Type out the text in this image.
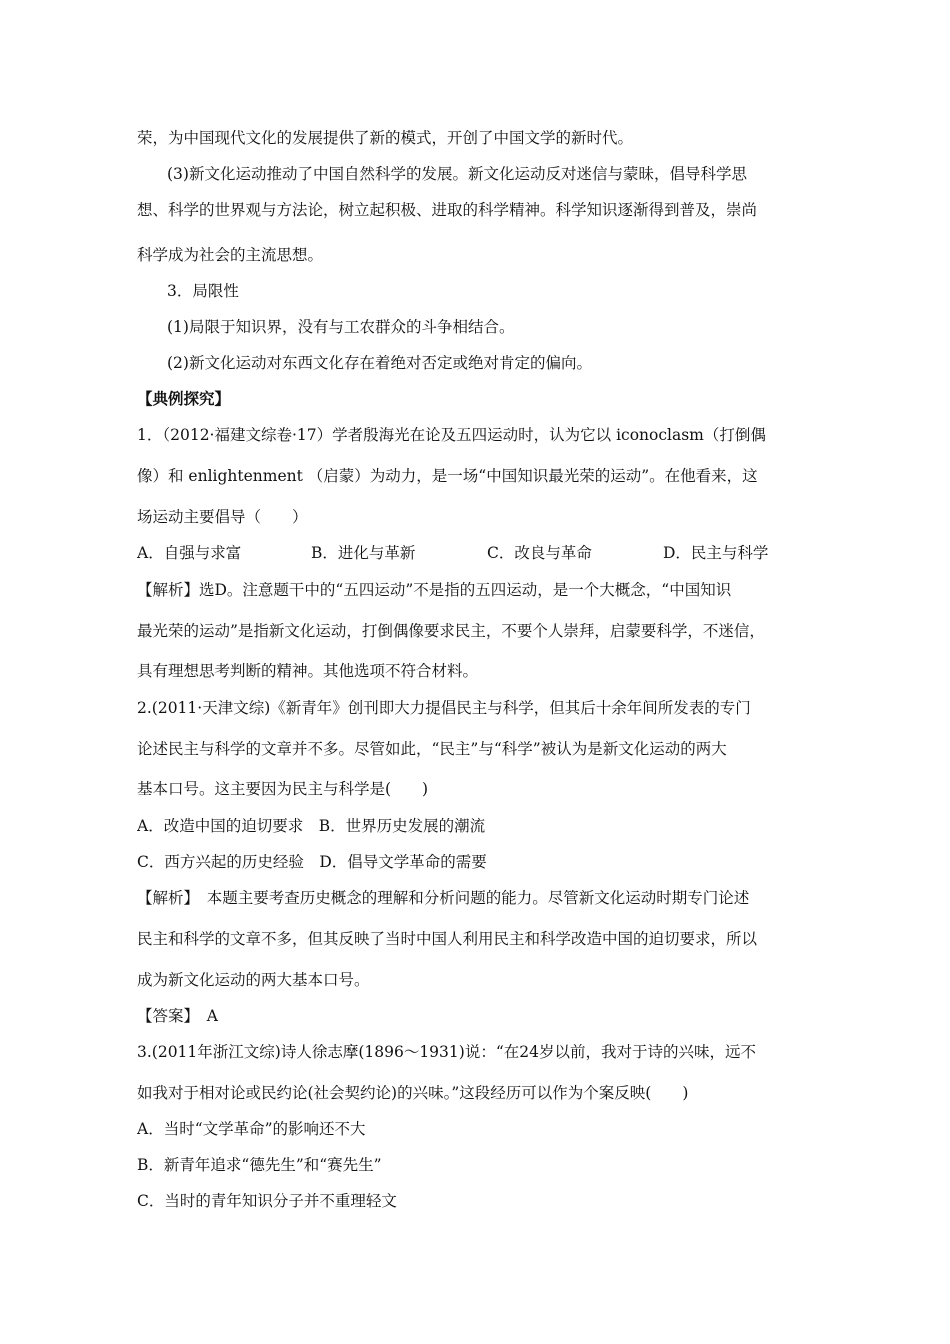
荣，为中国现代文化的发展提供了新的模式，开创了中国文学的新时代。
(3)新文化运动推动了中国自然科学的发展。新文化运动反对迷信与蒙昧，倡导科学思
想、科学的世界观与方法论，树立起积极、进取的科学精神。科学知识逐渐得到普及，崇尚
科学成为社会的主流思想。
3．局限性
(1)局限于知识界，没有与工农群众的斗争相结合。
(2)新文化运动对东西文化存在着绝对否定或绝对肯定的偏向。
【典例探究】
1．（2012·福建文综卷·17）学者殷海光在论及五四运动时，认为它以 iconoclasm（打倒偶
像）和 enlightenment （启蒙）为动力，是一场“中国知识最光荣的运动”。在他看来，这
场运动主要倡导（　　）
A．自强与求富	B．进化与革新	C．改良与革命	D．民主与科学
【解析】选D。注意题干中的“五四运动”不是指的五四运动，是一个大概念，“中国知识
最光荣的运动”是指新文化运动，打倒偶像要求民主，不要个人崇拜，启蒙要科学，不迷信，
具有理想思考判断的精神。其他选项不符合材料。
2.(2011·天津文综)《新青年》创刊即大力提倡民主与科学，但其后十余年间所发表的专门
论述民主与科学的文章并不多。尽管如此，“民主”与“科学”被认为是新文化运动的两大
基本口号。这主要因为民主与科学是(　　)
A．改造中国的迫切要求　B．世界历史发展的潮流
C．西方兴起的历史经验　D．倡导文学革命的需要
【解析】　本题主要考查历史概念的理解和分析问题的能力。尽管新文化运动时期专门论述
民主和科学的文章不多，但其反映了当时中国人利用民主和科学改造中国的迫切要求，所以
成为新文化运动的两大基本口号。
【答案】　A
3.(2011年浙江文综)诗人徐志摩(1896～1931)说：“在24岁以前，我对于诗的兴味，远不
如我对于相对论或民约论(社会契约论)的兴味。”这段经历可以作为个案反映(　　)
A．当时“文学革命”的影响还不大
B．新青年追求“德先生”和“赛先生”
C．当时的青年知识分子并不重理轻文
